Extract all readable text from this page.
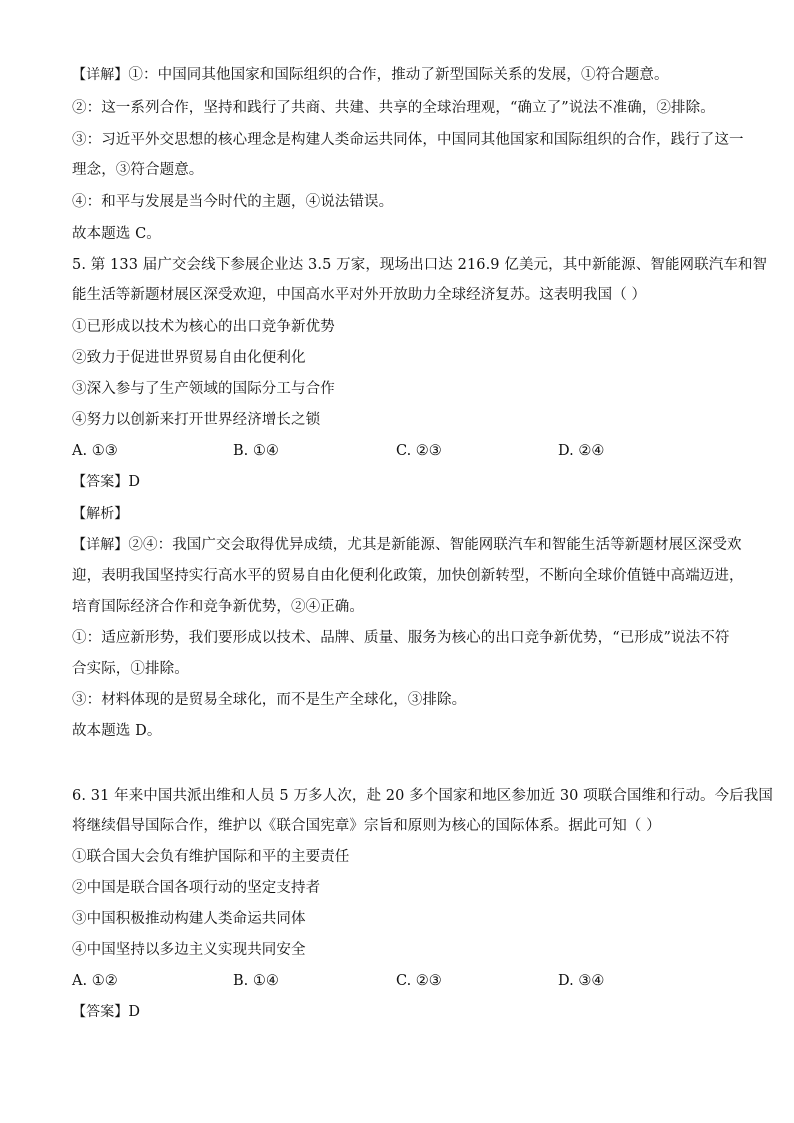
【详解】①：中国同其他国家和国际组织的合作，推动了新型国际关系的发展，①符合题意。
②：这一系列合作，坚持和践行了共商、共建、共享的全球治理观，“确立了”说法不准确，②排除。
③：习近平外交思想的核心理念是构建人类命运共同体，中国同其他国家和国际组织的合作，践行了这一
理念，③符合题意。
④：和平与发展是当今时代的主题，④说法错误。
故本题选 C。
5. 第 133 届广交会线下参展企业达 3.5 万家，现场出口达 216.9 亿美元，其中新能源、智能网联汽车和智
能生活等新题材展区深受欢迎，中国高水平对外开放助力全球经济复苏。这表明我国（ ）
①已形成以技术为核心的出口竞争新优势
②致力于促进世界贸易自由化便利化
③深入参与了生产领域的国际分工与合作
④努力以创新来打开世界经济增长之锁
A. ①③	B. ①④	C. ②③	D. ②④
【答案】D
【解析】
【详解】②④：我国广交会取得优异成绩，尤其是新能源、智能网联汽车和智能生活等新题材展区深受欢
迎，表明我国坚持实行高水平的贸易自由化便利化政策，加快创新转型，不断向全球价值链中高端迈进，
培育国际经济合作和竞争新优势，②④正确。
①：适应新形势，我们要形成以技术、品牌、质量、服务为核心的出口竞争新优势，“已形成”说法不符
合实际，①排除。
③：材料体现的是贸易全球化，而不是生产全球化，③排除。
故本题选 D。
6. 31 年来中国共派出维和人员 5 万多人次，赴 20 多个国家和地区参加近 30 项联合国维和行动。今后我国
将继续倡导国际合作，维护以《联合国宪章》宗旨和原则为核心的国际体系。据此可知（ ）
①联合国大会负有维护国际和平的主要责任
②中国是联合国各项行动的坚定支持者
③中国积极推动构建人类命运共同体
④中国坚持以多边主义实现共同安全
A. ①②	B. ①④	C. ②③	D. ③④
【答案】D
